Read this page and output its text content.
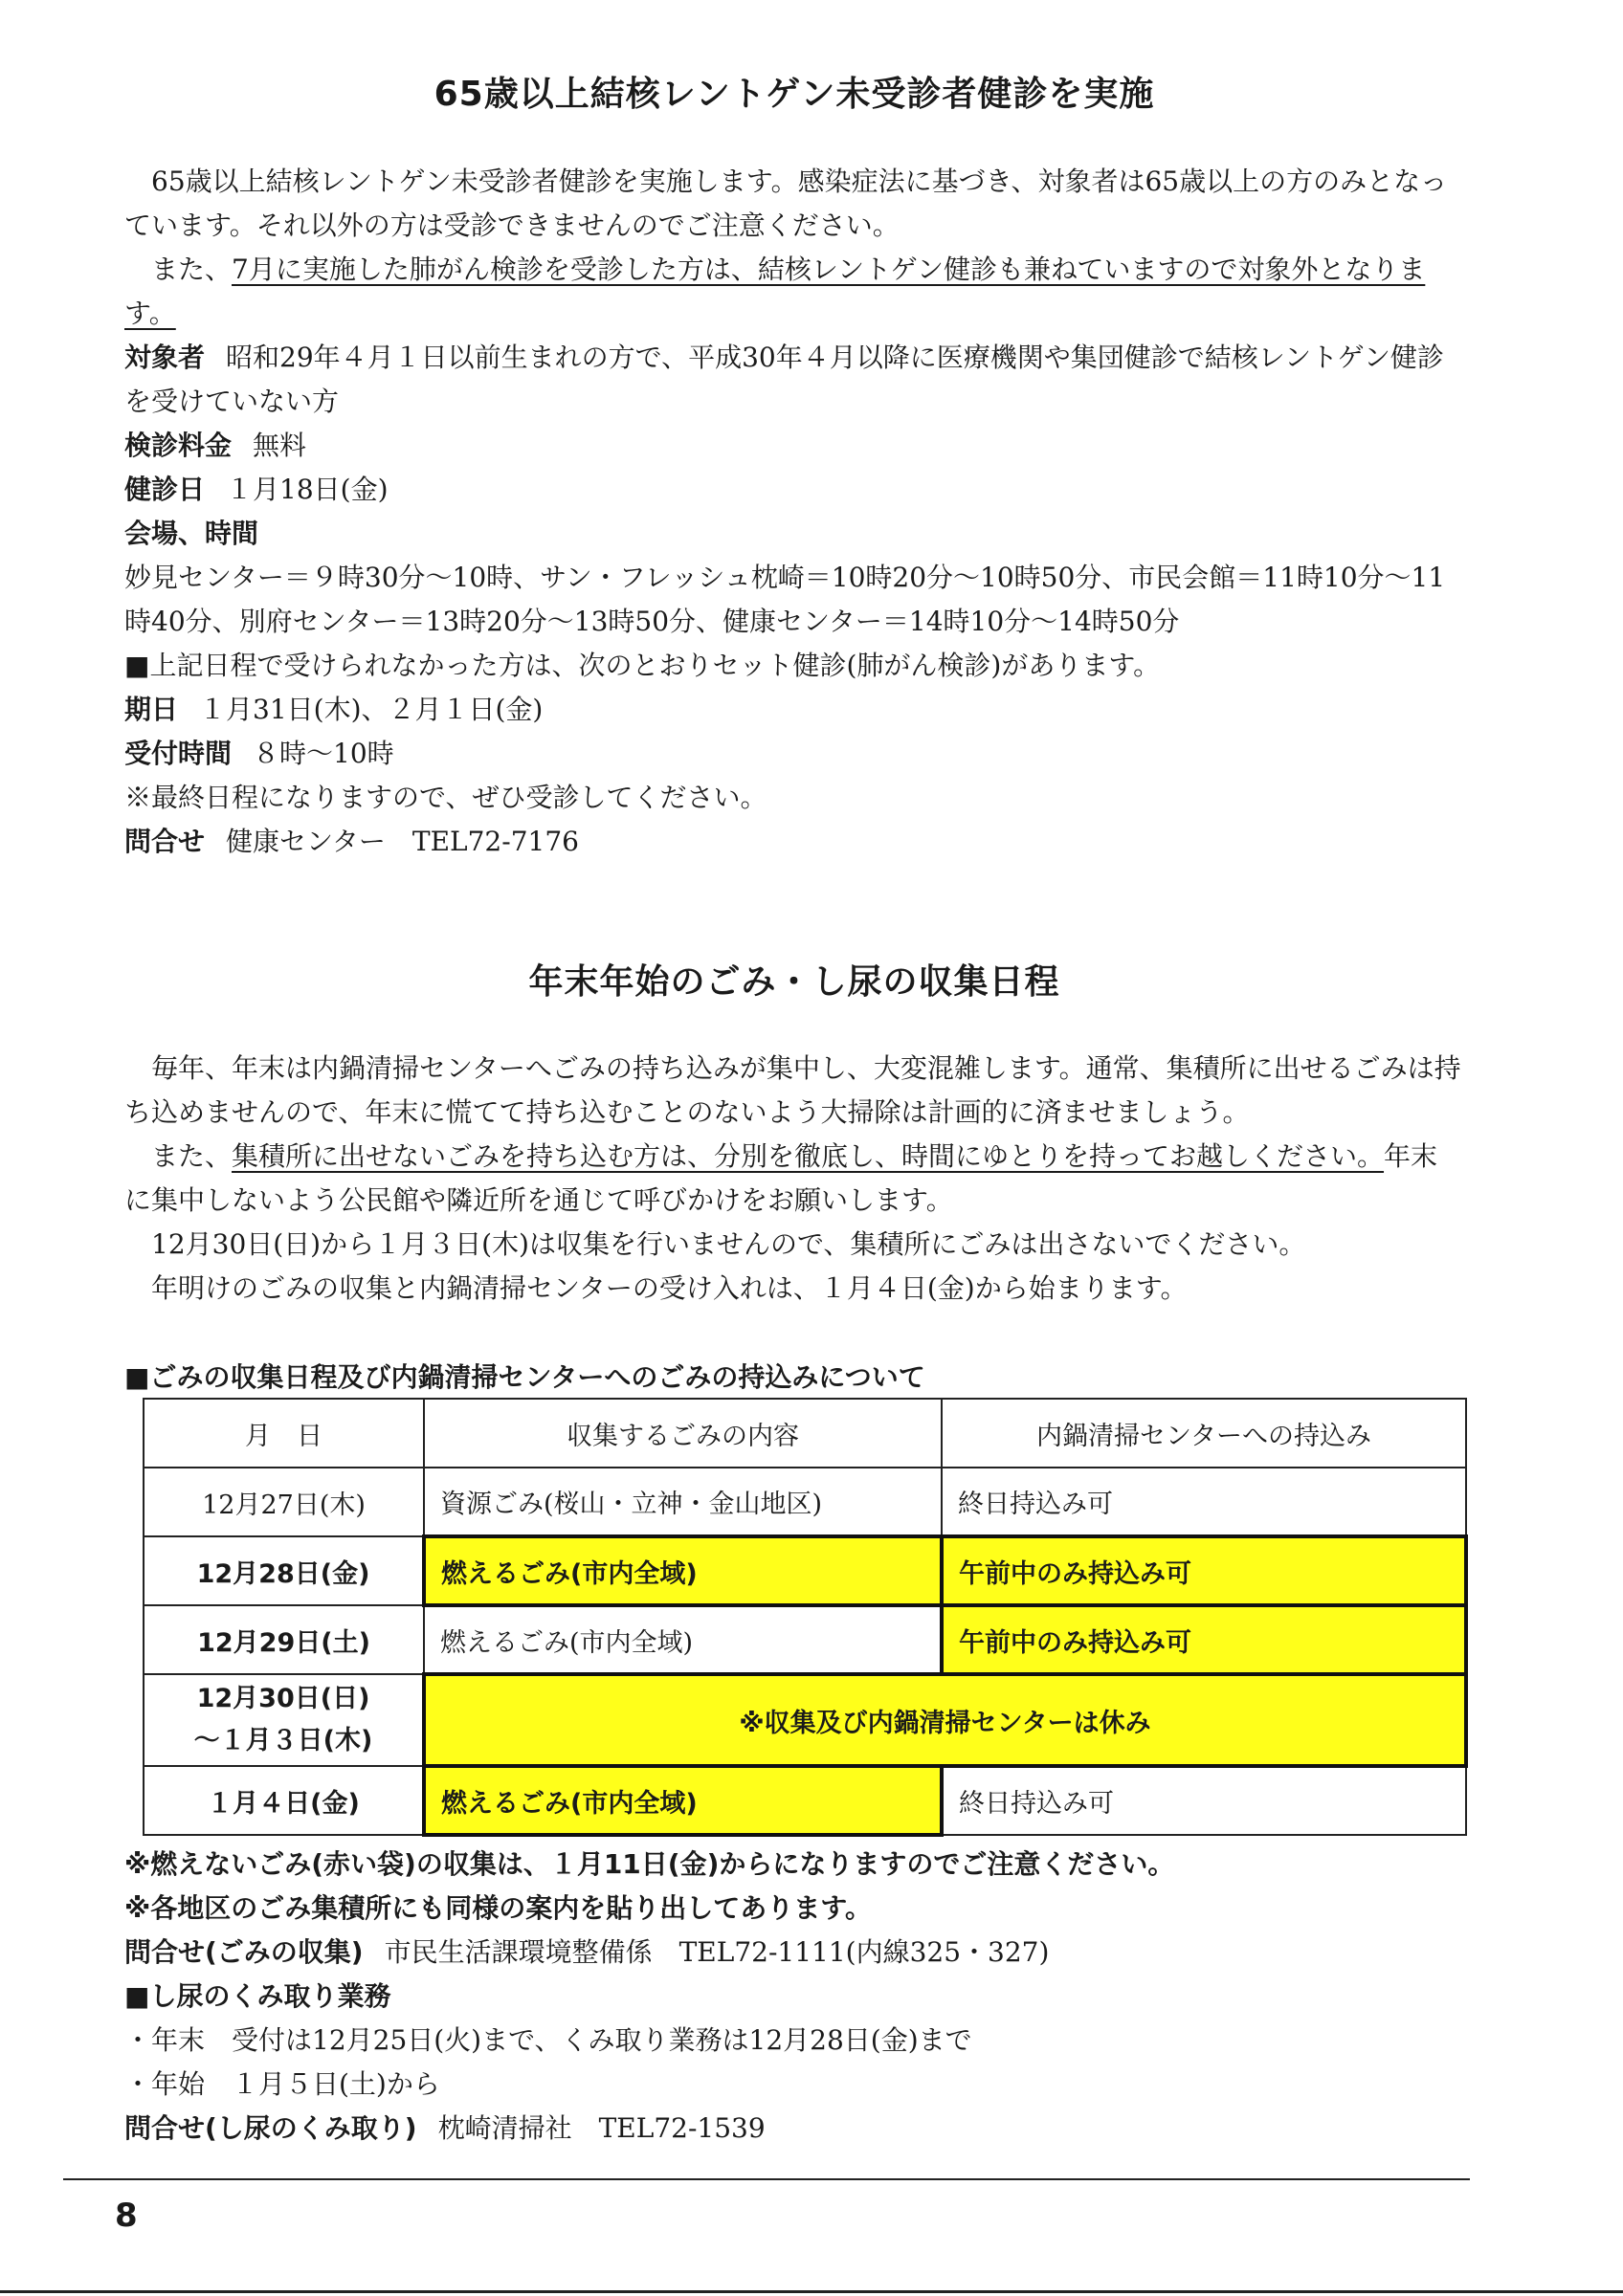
65歳以上結核レントゲン未受診者健診を実施

65歳以上結核レントゲン未受診者健診を実施します。感染症法に基づき、対象者は65歳以上の方のみとなっています。それ以外の方は受診できませんのでご注意ください。

また、7月に実施した肺がん検診を受診した方は、結核レントゲン健診も兼ねていますので対象外となります。

対象者 昭和29年４月１日以前生まれの方で、平成30年４月以降に医療機関や集団健診で結核レントゲン健診を受けていない方

検診料金 無料

健診日 １月18日(金)

会場、時間

妙見センター＝９時30分～10時、サン・フレッシュ枕崎＝10時20分～10時50分、市民会館＝11時10分～11時40分、別府センター＝13時20分～13時50分、健康センター＝14時10分～14時50分

■上記日程で受けられなかった方は、次のとおりセット健診(肺がん検診)があります。

期日 １月31日(木)、２月１日(金)

受付時間 ８時～10時

※最終日程になりますので、ぜひ受診してください。

問合せ 健康センター　TEL72-7176

年末年始のごみ・し尿の収集日程

毎年、年末は内鍋清掃センターへごみの持ち込みが集中し、大変混雑します。通常、集積所に出せるごみは持ち込めませんので、年末に慌てて持ち込むことのないよう大掃除は計画的に済ませましょう。

また、集積所に出せないごみを持ち込む方は、分別を徹底し、時間にゆとりを持ってお越しください。年末に集中しないよう公民館や隣近所を通じて呼びかけをお願いします。

12月30日(日)から１月３日(木)は収集を行いませんので、集積所にごみは出さないでください。

年明けのごみの収集と内鍋清掃センターの受け入れは、１月４日(金)から始まります。

■ごみの収集日程及び内鍋清掃センターへのごみの持込みについて
月　日	収集するごみの内容	内鍋清掃センターへの持込み
12月27日(木)	資源ごみ(桜山・立神・金山地区)	終日持込み可
12月28日(金)	燃えるごみ(市内全域)	午前中のみ持込み可
12月29日(土)	燃えるごみ(市内全域)	午前中のみ持込み可

12月30日(日)
～１月３日(木)	※収集及び内鍋清掃センターは休み	
１月４日(金)	燃えるごみ(市内全域)	終日持込み可

※燃えないごみ(赤い袋)の収集は、１月11日(金)からになりますのでご注意ください。

※各地区のごみ集積所にも同様の案内を貼り出してあります。

問合せ(ごみの収集) 市民生活課環境整備係　TEL72-1111(内線325・327)

■し尿のくみ取り業務

・年末　受付は12月25日(火)まで、くみ取り業務は12月28日(金)まで

・年始　１月５日(土)から

問合せ(し尿のくみ取り) 枕崎清掃社　TEL72-1539

8
